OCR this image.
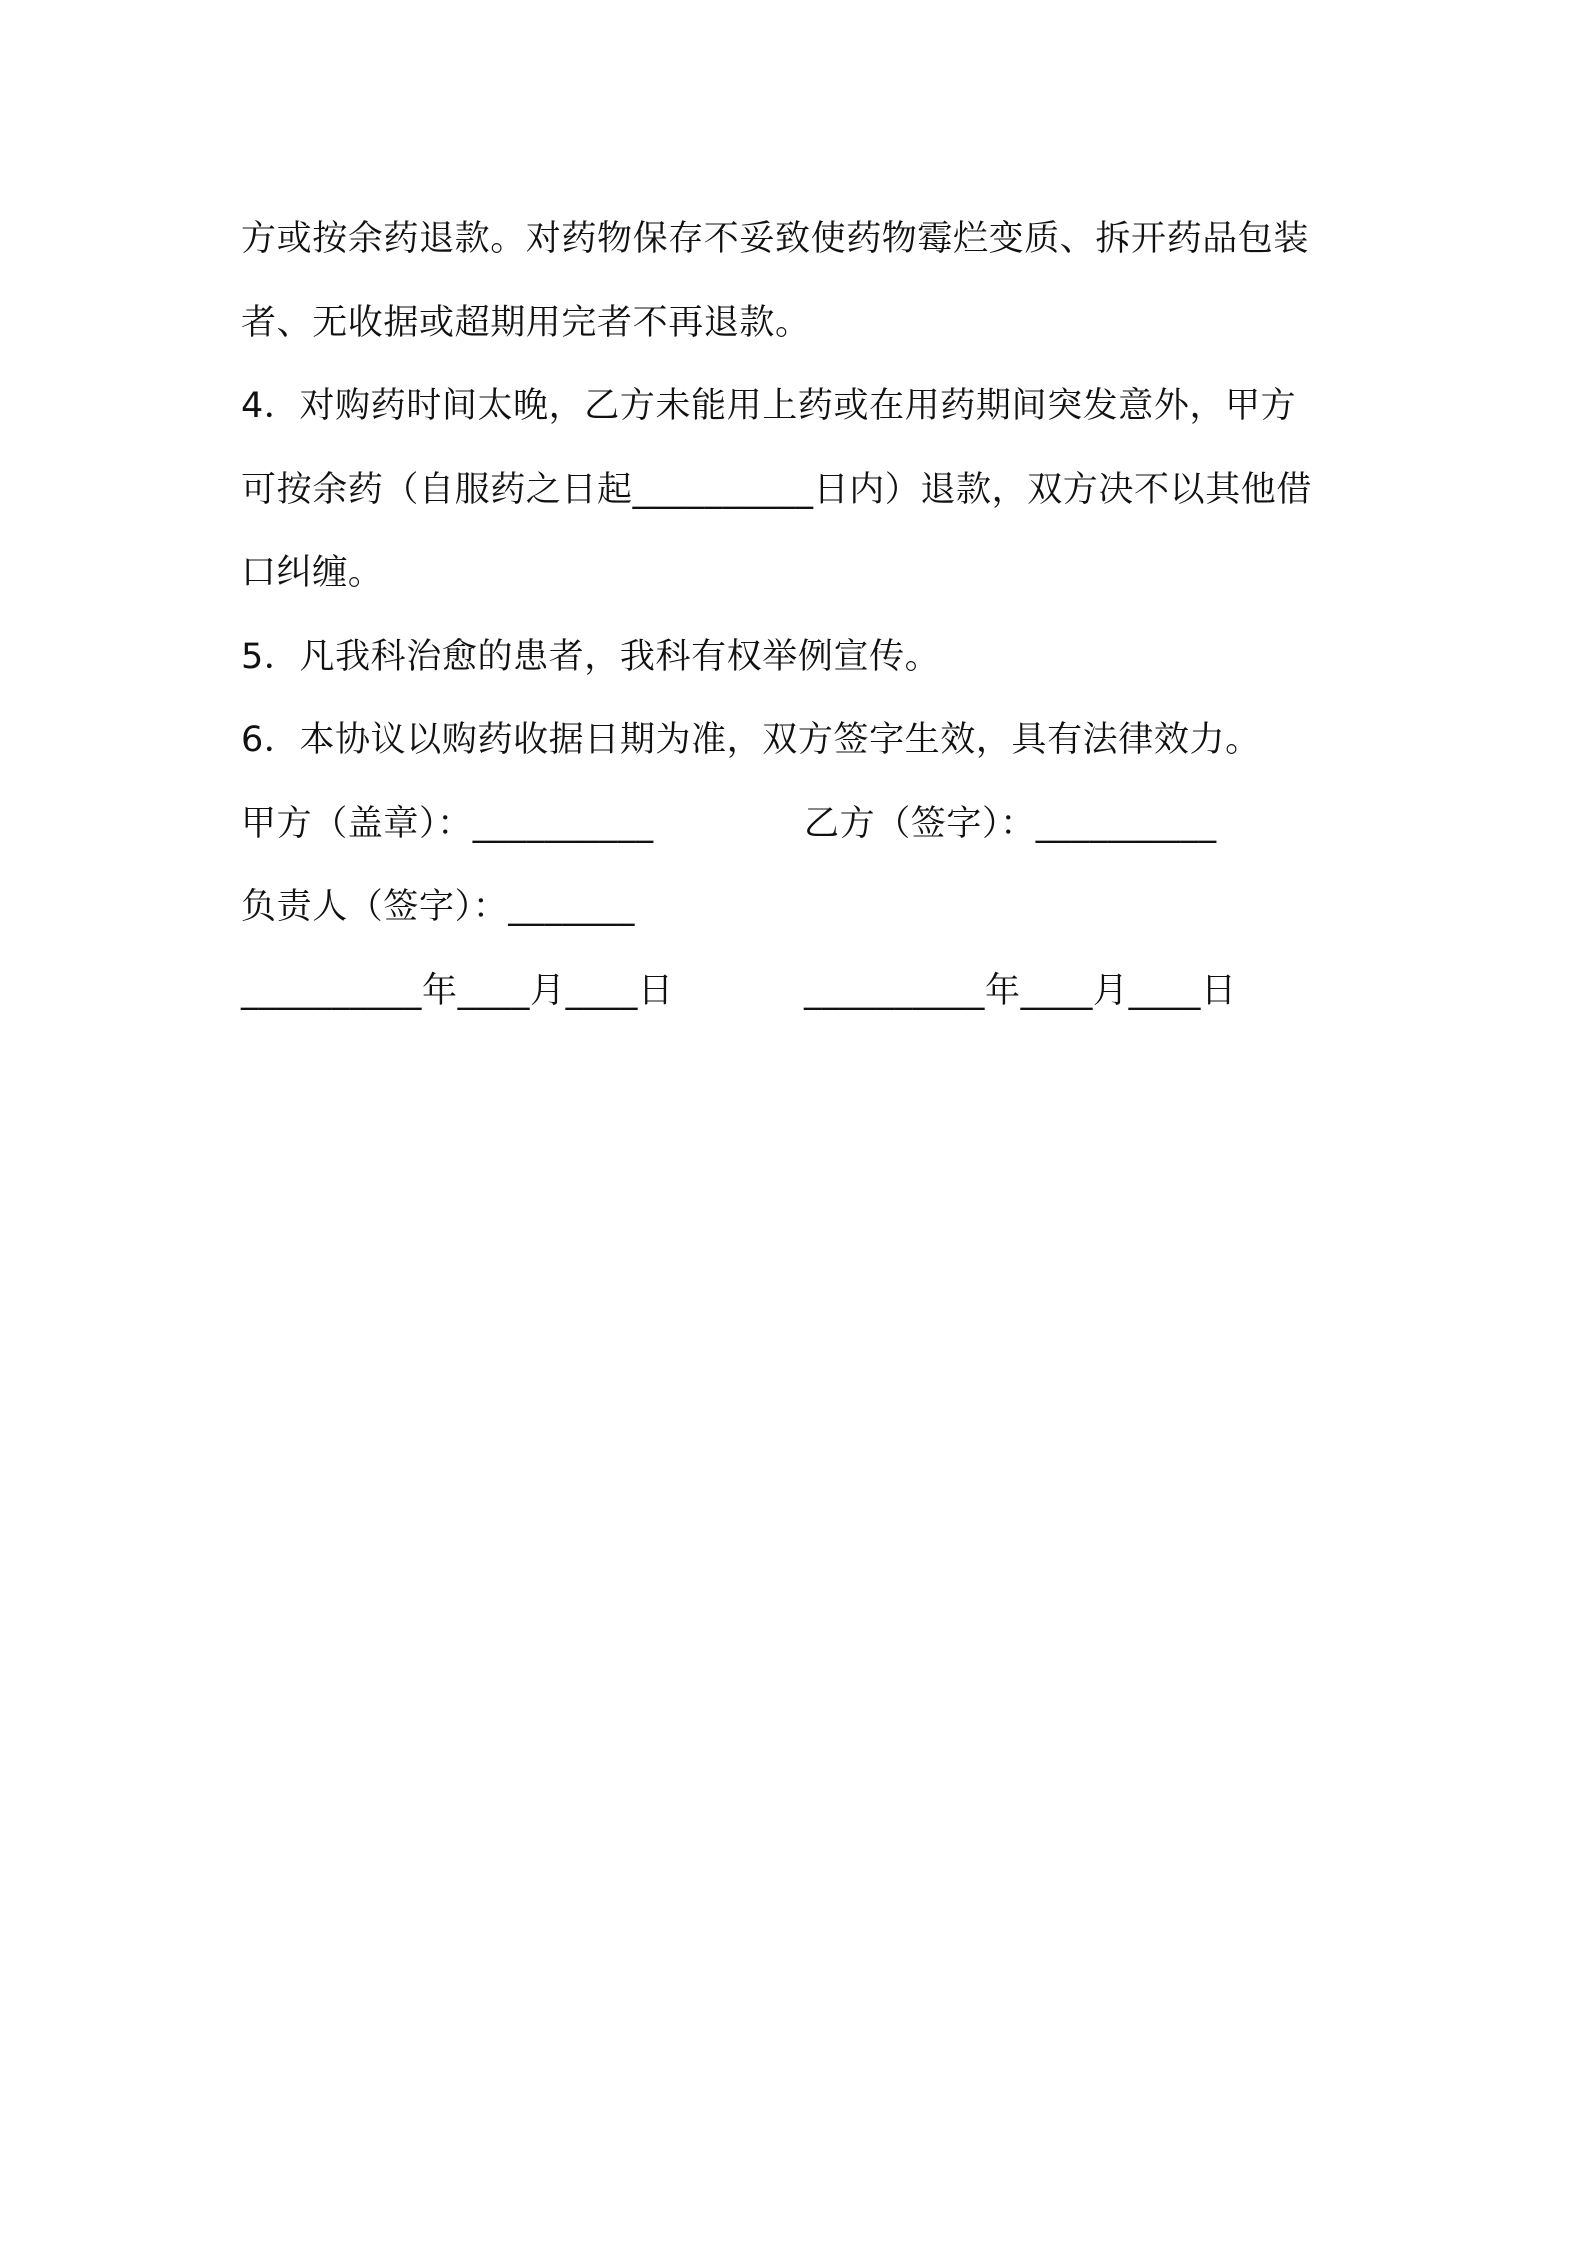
方或按余药退款。对药物保存不妥致使药物霉烂变质、拆开药品包装
者、无收据或超期用完者不再退款。
4．对购药时间太晚，乙方未能用上药或在用药期间突发意外，甲方
可按余药（自服药之日起__________日内）退款，双方决不以其他借
口纠缠。
5．凡我科治愈的患者，我科有权举例宣传。
6．本协议以购药收据日期为准，双方签字生效，具有法律效力。
甲方（盖章）：__________	乙方（签字）：__________
负责人（签字）：_______
__________年____月____日	__________年____月____日
